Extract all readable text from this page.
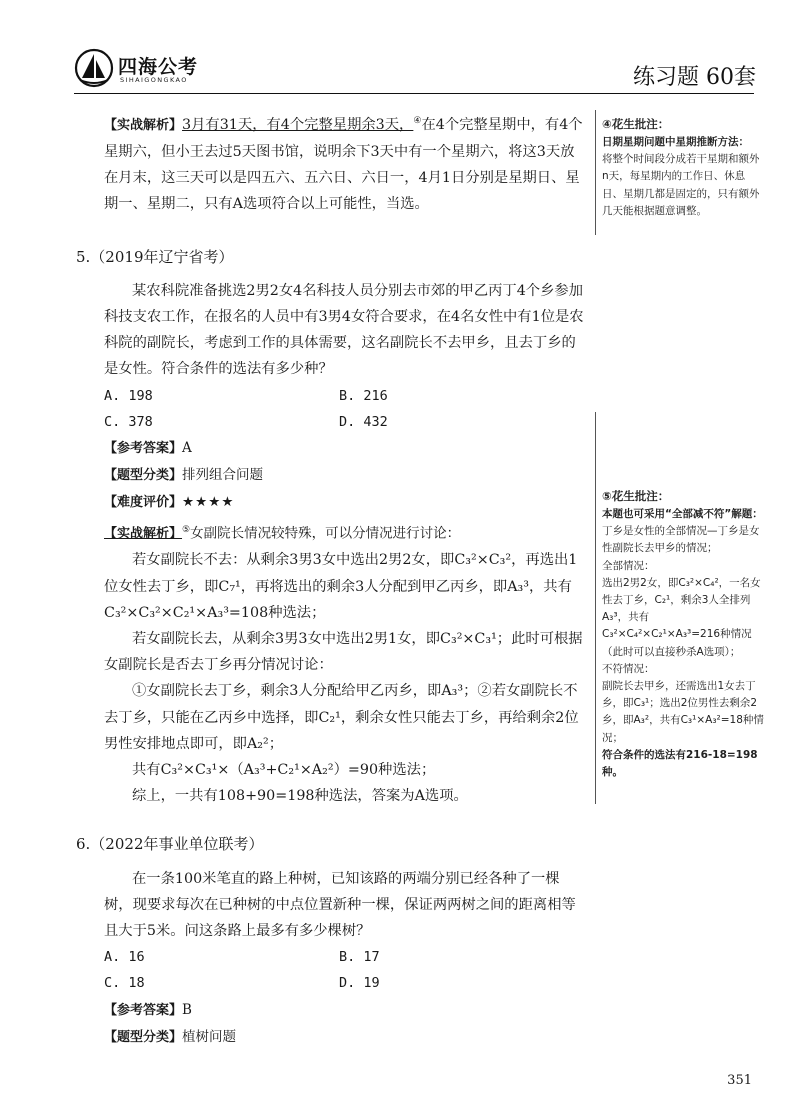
四海公考
SIHAIGONGKAO	练习题 60套
【实战解析】3月有31天，有4个完整星期余3天，④在4个完整星期中，有4个星期六，但小王去过5天图书馆，说明余下3天中有一个星期六，将这3天放在月末，这三天可以是四五六、五六日、六日一，4月1日分别是星期日、星期一、星期二，只有A选项符合以上可能性，当选。
5.（2019年辽宁省考）
某农科院准备挑选2男2女4名科技人员分别去市郊的甲乙丙丁4个乡参加科技支农工作，在报名的人员中有3男4女符合要求，在4名女性中有1位是农科院的副院长，考虑到工作的具体需要，这名副院长不去甲乡，且去丁乡的是女性。符合条件的选法有多少种？
A. 198	B. 216
C. 378	D. 432
【参考答案】A
【题型分类】排列组合问题
【难度评价】★★★★
【实战解析】⑤女副院长情况较特殊，可以分情况进行讨论：
若女副院长不去：从剩余3男3女中选出2男2女，即C₃²×C₃²，再选出1位女性去丁乡，即C₇¹，再将选出的剩余3人分配到甲乙丙乡，即A₃³，共有C₃²×C₃²×C₂¹×A₃³=108种选法；
若女副院长去，从剩余3男3女中选出2男1女，即C₃²×C₃¹；此时可根据女副院长是否去丁乡再分情况讨论：
①女副院长去丁乡，剩余3人分配给甲乙丙乡，即A₃³；②若女副院长不去丁乡，只能在乙丙乡中选择，即C₂¹，剩余女性只能去丁乡，再给剩余2位男性安排地点即可，即A₂²；
共有C₃²×C₃¹×（A₃³+C₂¹×A₂²）=90种选法；
综上，一共有108+90=198种选法，答案为A选项。
6.（2022年事业单位联考）
在一条100米笔直的路上种树，已知该路的两端分别已经各种了一棵树，现要求每次在已种树的中点位置新种一棵，保证两两树之间的距离相等且大于5米。问这条路上最多有多少棵树？
A. 16	B. 17
C. 18	D. 19
【参考答案】B
【题型分类】植树问题
④花生批注：
日期星期问题中星期推断方法：
将整个时间段分成若干星期和额外n天，每星期内的工作日、休息日、星期几都是固定的，只有额外几天能根据题意调整。
⑤花生批注：
本题也可采用“全部减不符”解题：
丁乡是女性的全部情况—丁乡是女性副院长去甲乡的情况；
全部情况：
选出2男2女，即C₃²×C₄²，一名女性去丁乡，C₂¹，剩余3人全排列A₃³，共有C₃²×C₄²×C₂¹×A₃³=216种情况（此时可以直接秒杀A选项）；
不符情况：
副院长去甲乡，还需选出1女去丁乡，即C₃¹；选出2位男性去剩余2乡，即A₃²，共有C₃¹×A₃²=18种情况；
符合条件的选法有216-18=198种。
351
